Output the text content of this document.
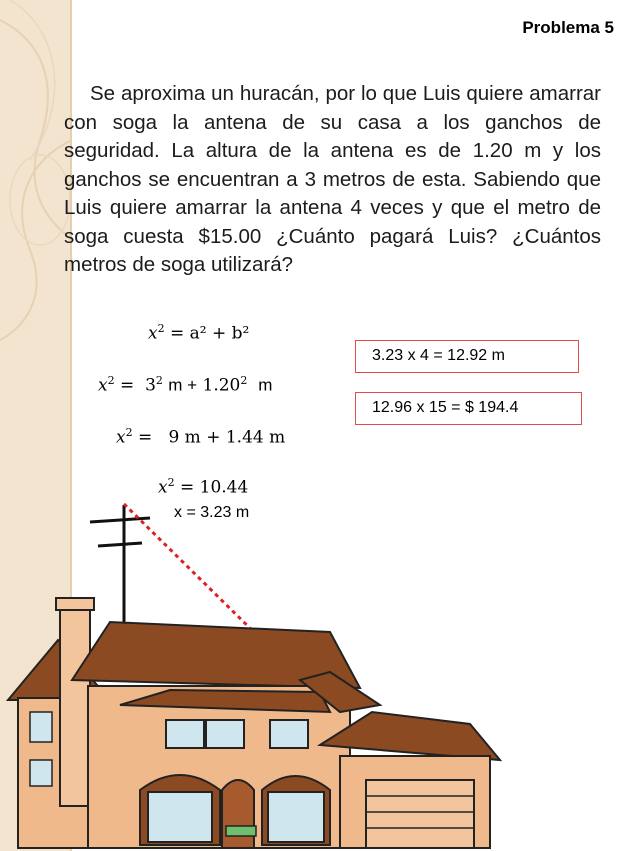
Problema 5

Se aproxima un huracán, por lo que Luis quiere amarrar con soga la antena de su casa a los ganchos de seguridad. La altura de la antena es de 1.20 m y los ganchos se encuentran a 3 metros de esta. Sabiendo que Luis quiere amarrar la antena 4 veces y que el metro de soga cuesta $15.00 ¿Cuánto pagará Luis? ¿Cuántos metros de soga utilizará?

$x^2 = a^2 + b^2$
$x^2 = 3^2$ $m + 1.20^2$ m
$x^2 = 9$ m + 1.44 m
$x^2 = 10.44$
3.23 x 4 = 12.92 m
12.96 x 15 = $ 194.4
x = 3.23 m
